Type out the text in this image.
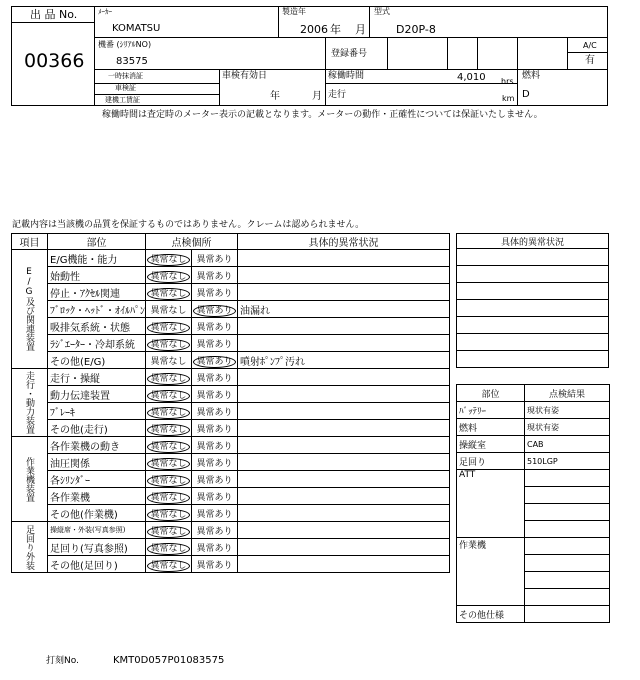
出 品 No.
00366
ﾒｰｶｰ
KOMATSU
製造年
2006 年 月
型式
D20P-8
機番 (ｼﾘｱﾙNO)
83575
登録番号
A/C
有
一時抹消証
車検証
建機工賃証
車検有効日
年	月
稼働時間	4,010 hrs
走行	km
燃料
D
稼働時間は査定時のメーター表示の記載となります。メーターの動作・正確性については保証いたしません。
記載内容は当該機の品質を保証するものではありません。クレームは認められません。
項目	部位	点検個所		具体的異常状況
E/G及び関連装置	E/G機能・能力	異常なし	異常あり	
	始動性	異常なし	異常あり	
	停止・ｱｸｾﾙ関連	異常なし	異常あり	
	ﾌﾞﾛｯｸ・ﾍｯﾄﾞ・ｵｲﾙﾊﾟﾝ	異常なし	異常あり	油漏れ
	吸排気系統・状態	異常なし	異常あり	
	ﾗｼﾞｴｰﾀｰ・冷却系統	異常なし	異常あり	
	その他(E/G)	異常なし	異常あり	噴射ﾎﾟﾝﾌﾟ汚れ
走行・動力装置	走行・操縦	異常なし	異常あり	
	動力伝達装置	異常なし	異常あり	
	ﾌﾞﾚｰｷ	異常なし	異常あり	
	その他(走行)	異常なし	異常あり	
作業機装置	各作業機の動き	異常なし	異常あり	
	油圧関係	異常なし	異常あり	
	各ｼﾘﾝﾀﾞｰ	異常なし	異常あり	
	各作業機	異常なし	異常あり	
	その他(作業機)	異常なし	異常あり	
足回り外装	操縦席・外装(写真参照)	異常なし	異常あり	
	足回り(写真参照)	異常なし	異常あり	
	その他(足回り)	異常なし	異常あり	
具体的異常状況

部位	点検結果
ﾊﾞｯﾃﾘｰ	現状有姿
燃料	現状有姿
操縦室	CAB
足回り	510LGP
ATT	

作業機	

その他仕様	
打刻No.	KMT0D057P01083575
